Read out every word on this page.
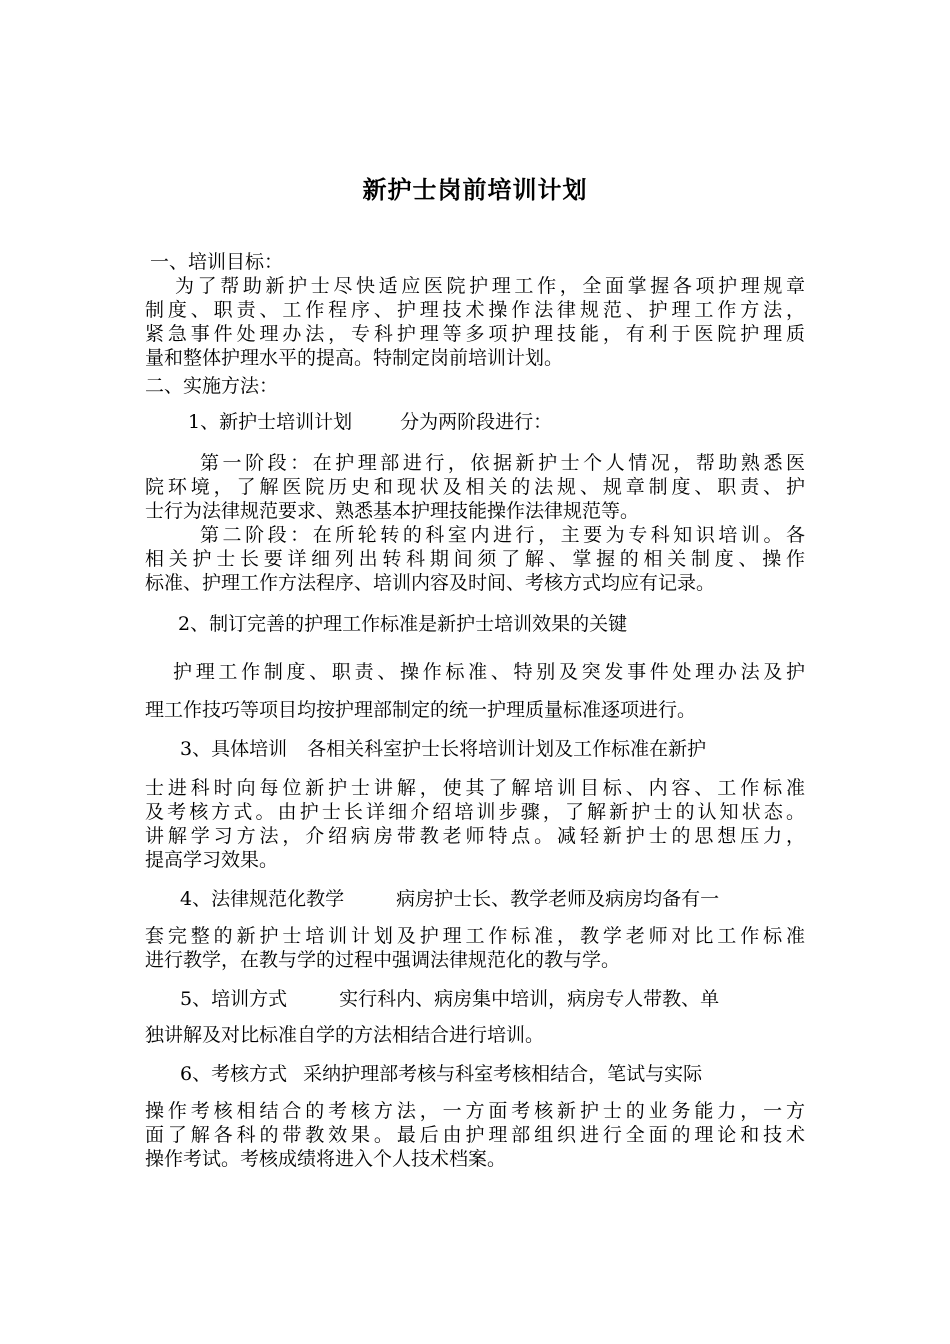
新护士岗前培训计划
一、培训目标：
为了帮助新护士尽快适应医院护理工作，全面掌握各项护理规章
制度、职责、工作程序、护理技术操作法律规范、护理工作方法，
紧急事件处理办法，专科护理等多项护理技能，有利于医院护理质
量和整体护理水平的提高。特制定岗前培训计划。
二、实施方法：
1、新护士培训计划	分为两阶段进行：
第一阶段：在护理部进行，依据新护士个人情况，帮助熟悉医
院环境，了解医院历史和现状及相关的法规、规章制度、职责、护
士行为法律规范要求、熟悉基本护理技能操作法律规范等。
第二阶段：在所轮转的科室内进行，主要为专科知识培训。各
相关护士长要详细列出转科期间须了解、掌握的相关制度、操作
标准、护理工作方法程序、培训内容及时间、考核方式均应有记录。
2、制订完善的护理工作标准是新护士培训效果的关键
护理工作制度、职责、操作标准、特别及突发事件处理办法及护
理工作技巧等项目均按护理部制定的统一护理质量标准逐项进行。
3、具体培训 各相关科室护士长将培训计划及工作标准在新护
士进科时向每位新护士讲解，使其了解培训目标、内容、工作标准
及考核方式。由护士长详细介绍培训步骤，了解新护士的认知状态。
讲解学习方法，介绍病房带教老师特点。减轻新护士的思想压力，
提高学习效果。
4、法律规范化教学	病房护士长、教学老师及病房均备有一
套完整的新护士培训计划及护理工作标准，教学老师对比工作标准
进行教学，在教与学的过程中强调法律规范化的教与学。
5、培训方式	实行科内、病房集中培训，病房专人带教、单
独讲解及对比标准自学的方法相结合进行培训。
6、考核方式 采纳护理部考核与科室考核相结合，笔试与实际
操作考核相结合的考核方法，一方面考核新护士的业务能力，一方
面了解各科的带教效果。最后由护理部组织进行全面的理论和技术
操作考试。考核成绩将进入个人技术档案。
